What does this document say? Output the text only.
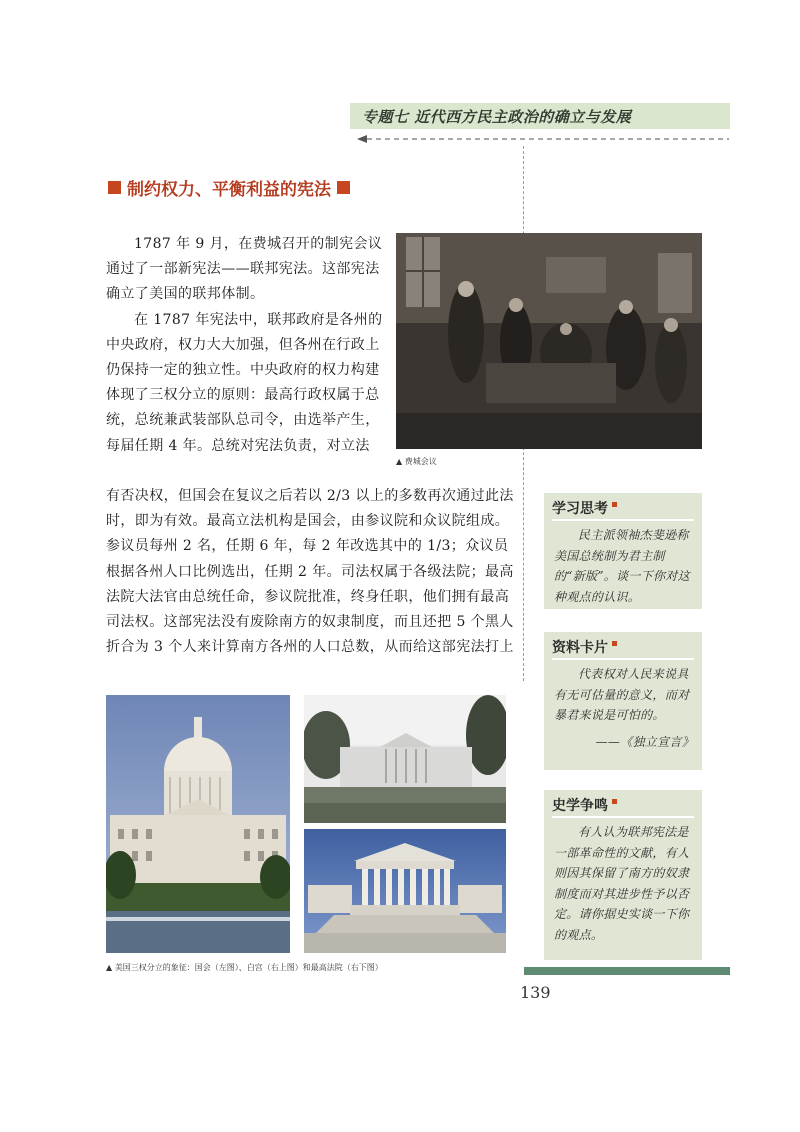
专题七 近代西方民主政治的确立与发展
制约权力、平衡利益的宪法

1787 年 9 月，在费城召开的制宪会议通过了一部新宪法——联邦宪法。这部宪法确立了美国的联邦体制。

在 1787 年宪法中，联邦政府是各州的中央政府，权力大大加强，但各州在行政上仍保持一定的独立性。中央政府的权力构建体现了三权分立的原则：最高行政权属于总统，总统兼武装部队总司令，由选举产生，每届任期 4 年。总统对宪法负责，对立法

有否决权，但国会在复议之后若以 2/3 以上的多数再次通过此法时，即为有效。最高立法机构是国会，由参议院和众议院组成。参议员每州 2 名，任期 6 年，每 2 年改选其中的 1/3；众议员根据各州人口比例选出，任期 2 年。司法权属于各级法院；最高法院大法官由总统任命，参议院批准，终身任职，他们拥有最高司法权。这部宪法没有废除南方的奴隶制度，而且还把 5 个黑人折合为 3 个人来计算南方各州的人口总数，从而给这部宪法打上

▲ 费城会议
▲ 美国三权分立的象征：国会（左图）、白宫（右上图）和最高法院（右下图）
学习思考
民主派领袖杰斐逊称美国总统制为君主制的“新版”。谈一下你对这种观点的认识。
资料卡片
代表权对人民来说具有无可估量的意义，而对暴君来说是可怕的。
——《独立宣言》
史学争鸣
有人认为联邦宪法是一部革命性的文献，有人则因其保留了南方的奴隶制度而对其进步性予以否定。请你据史实谈一下你的观点。
139
